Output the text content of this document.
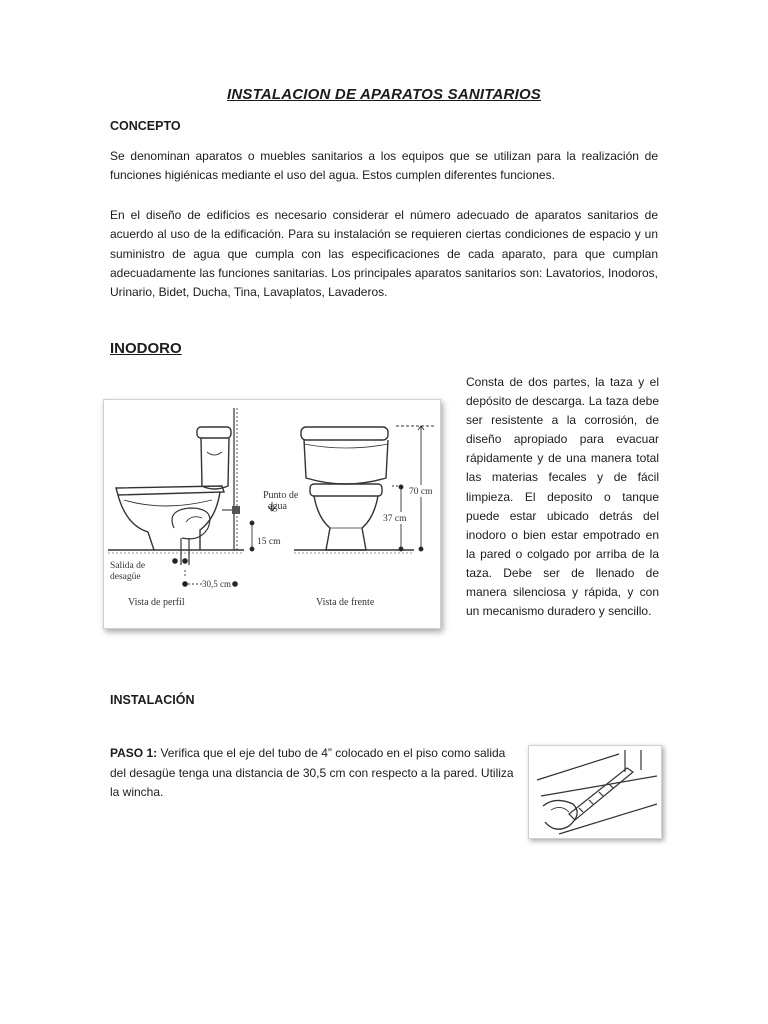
INSTALACION DE APARATOS SANITARIOS
CONCEPTO

Se denominan aparatos o muebles sanitarios a los equipos que se utilizan para la realización de funciones higiénicas mediante el uso del agua. Estos cumplen diferentes funciones.

En el diseño de edificios es necesario considerar el número adecuado de aparatos sanitarios de acuerdo al uso de la edificación. Para su instalación se requieren ciertas condiciones de espacio y un suministro de agua que cumpla con las especificaciones de cada aparato, para que cumplan adecuadamente las funciones sanitarias. Los principales aparatos sanitarios son: Lavatorios, Inodoros, Urinario, Bidet, Ducha, Tina, Lavaplatos, Lavaderos.

INODORO
Punto de
agua
15 cm
Salida de
desagüe
30,5 cm
Vista de perfil
70 cm
37 cm
Vista de frente

Consta de dos partes, la taza y el depósito de descarga. La taza debe ser resistente a la corrosión, de diseño apropiado para evacuar rápidamente y de una manera total las materias fecales y de fácil limpieza. El deposito o tanque puede estar ubicado detrás del inodoro o bien estar empotrado en la pared o colgado por arriba de la taza. Debe ser de llenado de manera silenciosa y rápida, y con un mecanismo duradero y sencillo.

INSTALACIÓN

PASO 1: Verifica que el eje del tubo de 4” colocado en el piso como salida del desagüe tenga una distancia de 30,5 cm con respecto a la pared. Utiliza la wincha.
